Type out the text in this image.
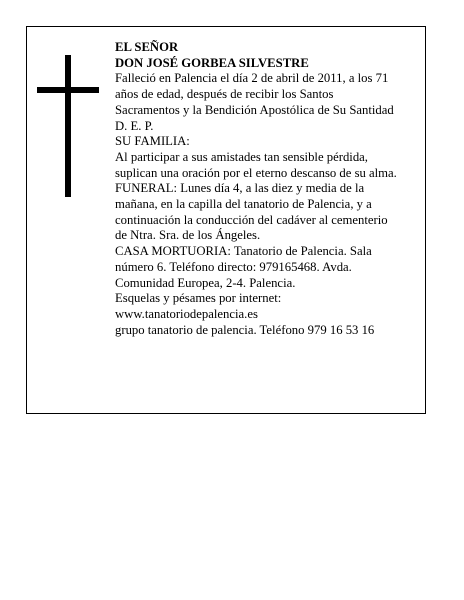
EL SEÑOR

DON JOSÉ GORBEA SILVESTRE

Falleció en Palencia el día 2 de abril de 2011, a los 71

años de edad, después de recibir los Santos

Sacramentos y la Bendición Apostólica de Su Santidad

D. E. P.

SU FAMILIA:

Al participar a sus amistades tan sensible pérdida,

suplican una oración por el eterno descanso de su alma.

FUNERAL: Lunes día 4, a las diez y media de la

mañana, en la capilla del tanatorio de Palencia, y a

continuación la conducción del cadáver al cementerio

de Ntra. Sra. de los Ángeles.

CASA MORTUORIA: Tanatorio de Palencia. Sala

número 6. Teléfono directo: 979165468. Avda.

Comunidad Europea, 2-4. Palencia.

Esquelas y pésames por internet:

www.tanatoriodepalencia.es

grupo tanatorio de palencia. Teléfono 979 16 53 16
